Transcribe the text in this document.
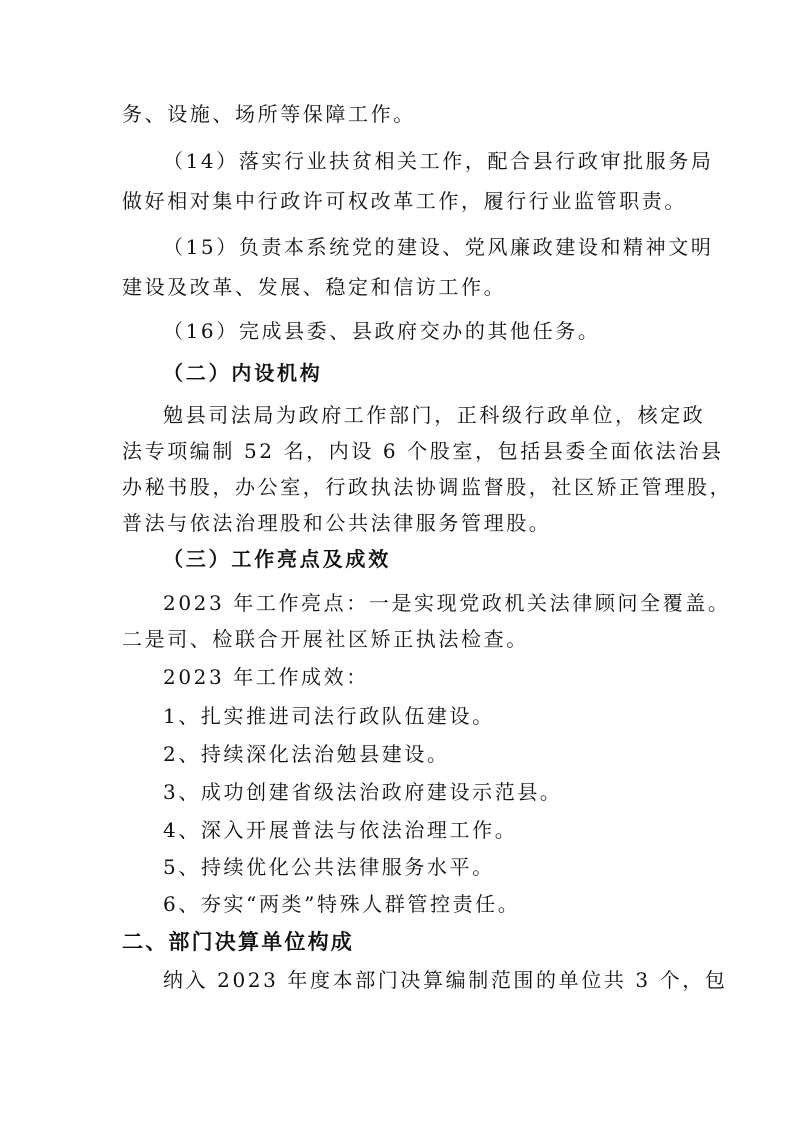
务、设施、场所等保障工作。
（14）落实行业扶贫相关工作，配合县行政审批服务局
做好相对集中行政许可权改革工作，履行行业监管职责。
（15）负责本系统党的建设、党风廉政建设和精神文明
建设及改革、发展、稳定和信访工作。
（16）完成县委、县政府交办的其他任务。
（二）内设机构
勉县司法局为政府工作部门，正科级行政单位，核定政
法专项编制 52 名，内设 6 个股室，包括县委全面依法治县
办秘书股，办公室，行政执法协调监督股，社区矫正管理股，
普法与依法治理股和公共法律服务管理股。
（三）工作亮点及成效
2023 年工作亮点：一是实现党政机关法律顾问全覆盖。
二是司、检联合开展社区矫正执法检查。
2023 年工作成效：
1、扎实推进司法行政队伍建设。
2、持续深化法治勉县建设。
3、成功创建省级法治政府建设示范县。
4、深入开展普法与依法治理工作。
5、持续优化公共法律服务水平。
6、夯实“两类”特殊人群管控责任。
二、部门决算单位构成
纳入 2023 年度本部门决算编制范围的单位共 3 个，包
